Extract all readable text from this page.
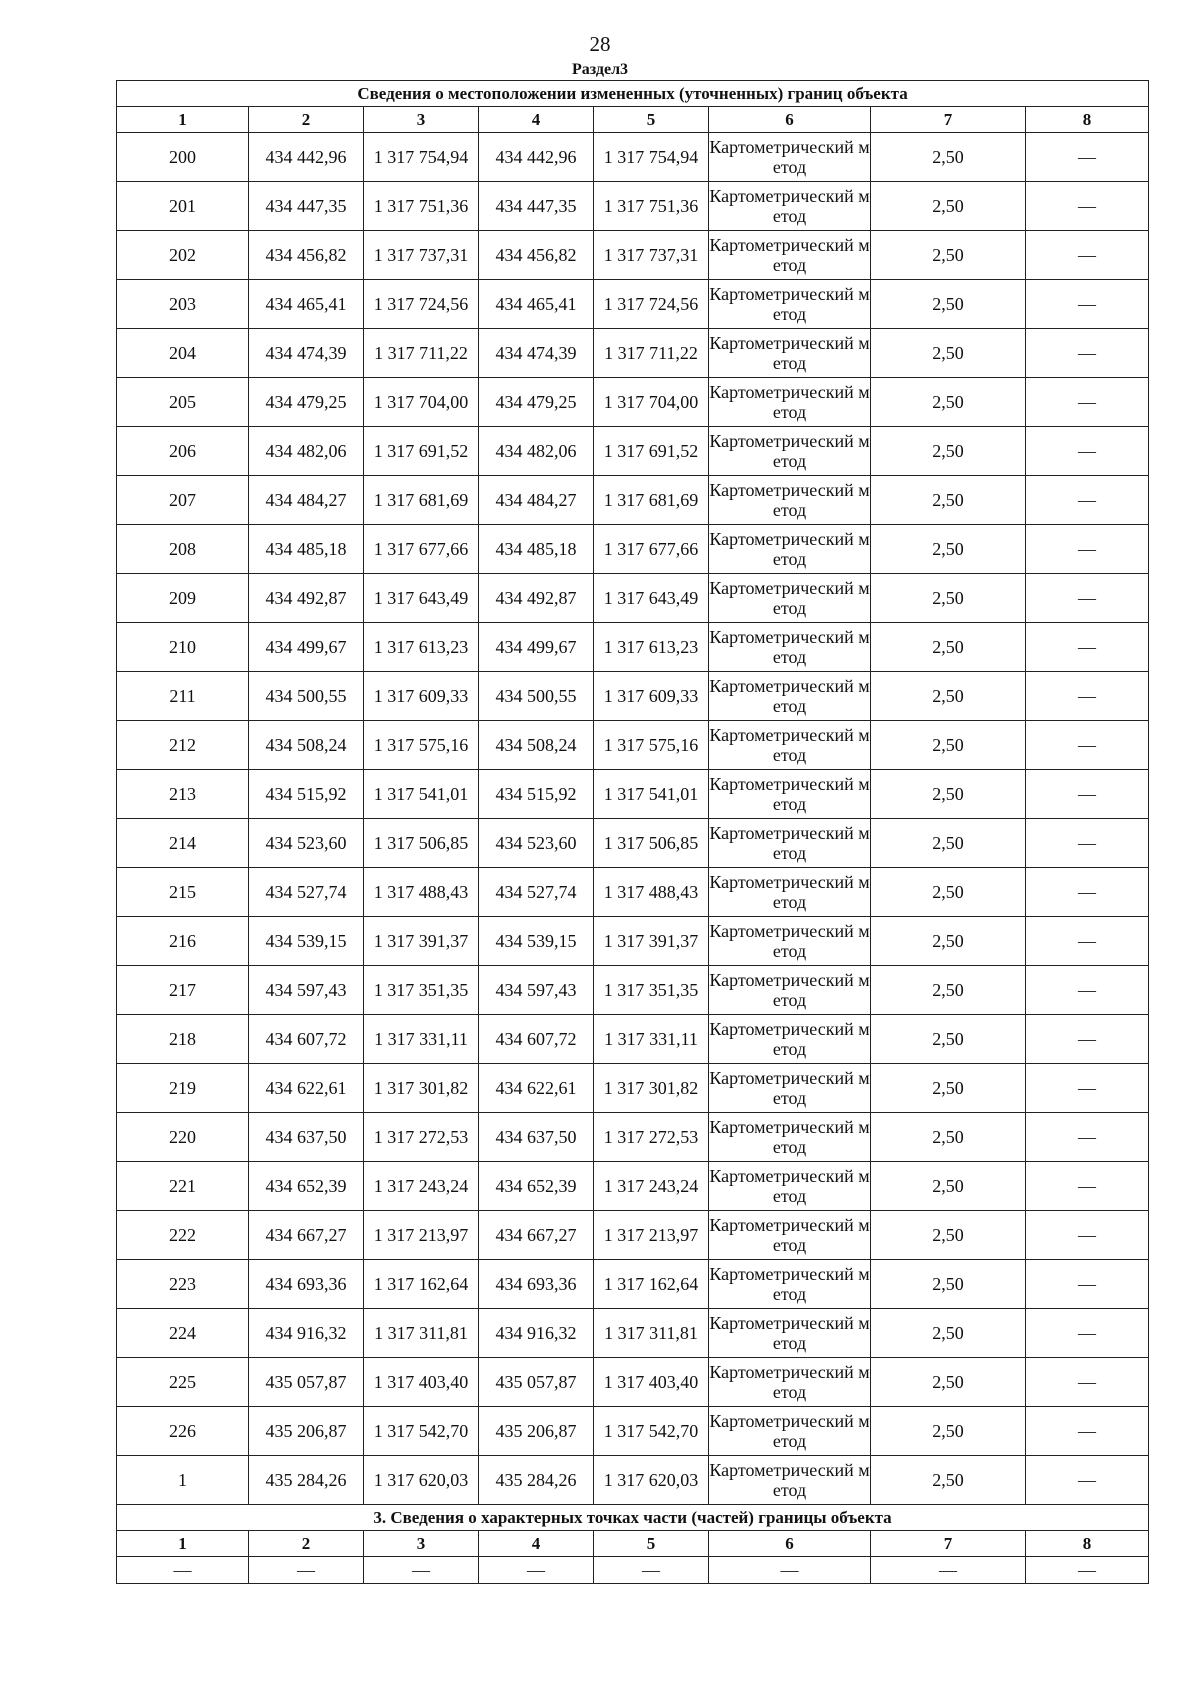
28
Раздел3
Сведения о местоположении измененных (уточненных) границ объекта							
1	2	3	4	5	6	7	8
200	434 442,96	1 317 754,94	434 442,96	1 317 754,94	Картометрический метод	2,50	—
201	434 447,35	1 317 751,36	434 447,35	1 317 751,36	Картометрический метод	2,50	—
202	434 456,82	1 317 737,31	434 456,82	1 317 737,31	Картометрический метод	2,50	—
203	434 465,41	1 317 724,56	434 465,41	1 317 724,56	Картометрический метод	2,50	—
204	434 474,39	1 317 711,22	434 474,39	1 317 711,22	Картометрический метод	2,50	—
205	434 479,25	1 317 704,00	434 479,25	1 317 704,00	Картометрический метод	2,50	—
206	434 482,06	1 317 691,52	434 482,06	1 317 691,52	Картометрический метод	2,50	—
207	434 484,27	1 317 681,69	434 484,27	1 317 681,69	Картометрический метод	2,50	—
208	434 485,18	1 317 677,66	434 485,18	1 317 677,66	Картометрический метод	2,50	—
209	434 492,87	1 317 643,49	434 492,87	1 317 643,49	Картометрический метод	2,50	—
210	434 499,67	1 317 613,23	434 499,67	1 317 613,23	Картометрический метод	2,50	—
211	434 500,55	1 317 609,33	434 500,55	1 317 609,33	Картометрический метод	2,50	—
212	434 508,24	1 317 575,16	434 508,24	1 317 575,16	Картометрический метод	2,50	—
213	434 515,92	1 317 541,01	434 515,92	1 317 541,01	Картометрический метод	2,50	—
214	434 523,60	1 317 506,85	434 523,60	1 317 506,85	Картометрический метод	2,50	—
215	434 527,74	1 317 488,43	434 527,74	1 317 488,43	Картометрический метод	2,50	—
216	434 539,15	1 317 391,37	434 539,15	1 317 391,37	Картометрический метод	2,50	—
217	434 597,43	1 317 351,35	434 597,43	1 317 351,35	Картометрический метод	2,50	—
218	434 607,72	1 317 331,11	434 607,72	1 317 331,11	Картометрический метод	2,50	—
219	434 622,61	1 317 301,82	434 622,61	1 317 301,82	Картометрический метод	2,50	—
220	434 637,50	1 317 272,53	434 637,50	1 317 272,53	Картометрический метод	2,50	—
221	434 652,39	1 317 243,24	434 652,39	1 317 243,24	Картометрический метод	2,50	—
222	434 667,27	1 317 213,97	434 667,27	1 317 213,97	Картометрический метод	2,50	—
223	434 693,36	1 317 162,64	434 693,36	1 317 162,64	Картометрический метод	2,50	—
224	434 916,32	1 317 311,81	434 916,32	1 317 311,81	Картометрический метод	2,50	—
225	435 057,87	1 317 403,40	435 057,87	1 317 403,40	Картометрический метод	2,50	—
226	435 206,87	1 317 542,70	435 206,87	1 317 542,70	Картометрический метод	2,50	—
1	435 284,26	1 317 620,03	435 284,26	1 317 620,03	Картометрический метод	2,50	—
3. Сведения о характерных точках части (частей) границы объекта							
1	2	3	4	5	6	7	8
—	—	—	—	—	—	—	—
